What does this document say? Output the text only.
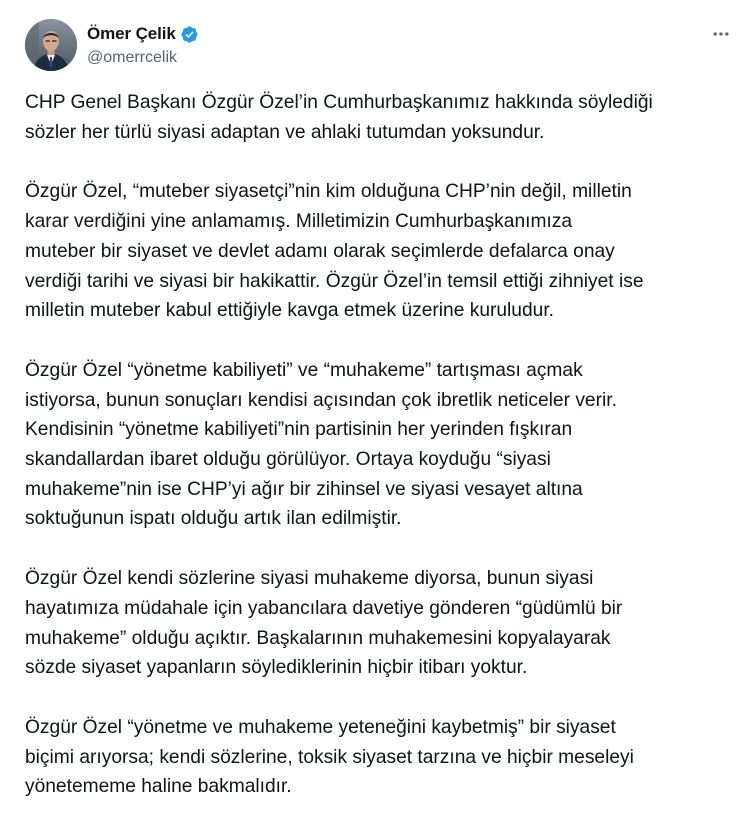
Ömer Çelik
@omerrcelik

CHP Genel Başkanı Özgür Özel’in Cumhurbaşkanımız hakkında söylediği
sözler her türlü siyasi adaptan ve ahlaki tutumdan yoksundur.

Özgür Özel, “muteber siyasetçi”nin kim olduğuna CHP’nin değil, milletin
karar verdiğini yine anlamamış. Milletimizin Cumhurbaşkanımıza
muteber bir siyaset ve devlet adamı olarak seçimlerde defalarca onay
verdiği tarihi ve siyasi bir hakikattir. Özgür Özel’in temsil ettiği zihniyet ise
milletin muteber kabul ettiğiyle kavga etmek üzerine kuruludur.

Özgür Özel “yönetme kabiliyeti” ve “muhakeme” tartışması açmak
istiyorsa, bunun sonuçları kendisi açısından çok ibretlik neticeler verir.
Kendisinin “yönetme kabiliyeti”nin partisinin her yerinden fışkıran
skandallardan ibaret olduğu görülüyor. Ortaya koyduğu “siyasi
muhakeme”nin ise CHP’yi ağır bir zihinsel ve siyasi vesayet altına
soktuğunun ispatı olduğu artık ilan edilmiştir.

Özgür Özel kendi sözlerine siyasi muhakeme diyorsa, bunun siyasi
hayatımıza müdahale için yabancılara davetiye gönderen “güdümlü bir
muhakeme” olduğu açıktır. Başkalarının muhakemesini kopyalayarak
sözde siyaset yapanların söylediklerinin hiçbir itibarı yoktur.

Özgür Özel “yönetme ve muhakeme yeteneğini kaybetmiş” bir siyaset
biçimi arıyorsa; kendi sözlerine, toksik siyaset tarzına ve hiçbir meseleyi
yönetememe haline bakmalıdır.
